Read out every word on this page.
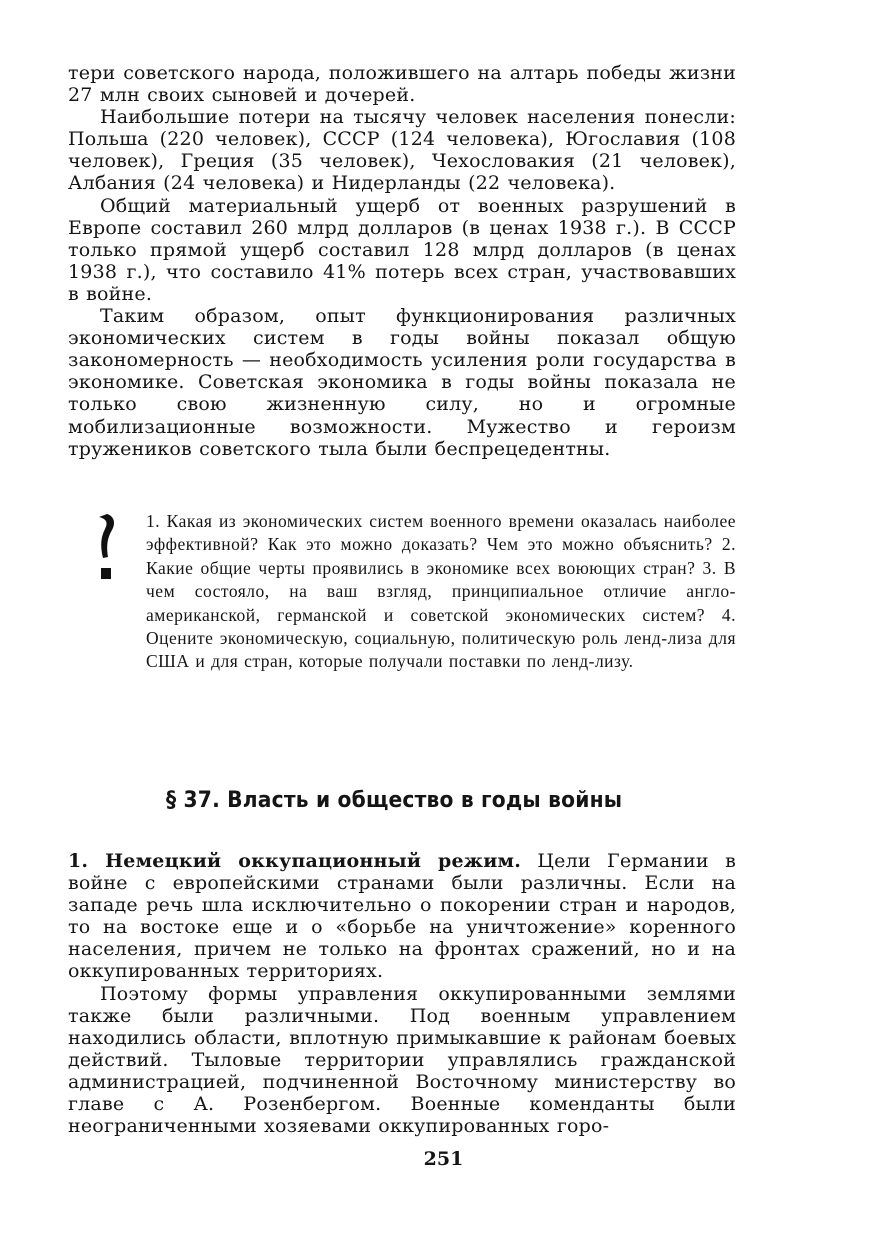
тери советского народа, положившего на алтарь победы жизни 27 млн своих сыновей и дочерей.

Наибольшие потери на тысячу человек населения понесли: Польша (220 человек), СССР (124 человека), Югославия (108 человек), Греция (35 человек), Чехословакия (21 человек), Албания (24 человека) и Нидерланды (22 человека).

Общий материальный ущерб от военных разрушений в Европе составил 260 млрд долларов (в ценах 1938 г.). В СССР только прямой ущерб составил 128 млрд долларов (в ценах 1938 г.), что составило 41% потерь всех стран, участвовавших в войне.

Таким образом, опыт функционирования различных экономических систем в годы войны показал общую закономерность — необходимость усиления роли государства в экономике. Советская экономика в годы войны показала не только свою жизненную силу, но и огромные мобилизационные возможности. Мужество и героизм тружеников советского тыла были беспрецедентны.

1. Какая из экономических систем военного времени оказалась наиболее эффективной? Как это можно доказать? Чем это можно объяснить? 2. Какие общие черты проявились в экономике всех воюющих стран? 3. В чем состояло, на ваш взгляд, принципиальное отличие англо-американской, германской и советской экономических систем? 4. Оцените экономическую, социальную, политическую роль ленд-лиза для США и для стран, которые получали поставки по ленд-лизу.
§ 37. Власть и общество в годы войны

1. Немецкий оккупационный режим. Цели Германии в войне с европейскими странами были различны. Если на западе речь шла исключительно о покорении стран и народов, то на востоке еще и о «борьбе на уничтожение» коренного населения, причем не только на фронтах сражений, но и на оккупированных территориях.

Поэтому формы управления оккупированными землями также были различными. Под военным управлением находились области, вплотную примыкавшие к районам боевых действий. Тыловые территории управлялись гражданской администрацией, подчиненной Восточному министерству во главе с А. Розенбергом. Военные коменданты были неограниченными хозяевами оккупированных горо-

251
